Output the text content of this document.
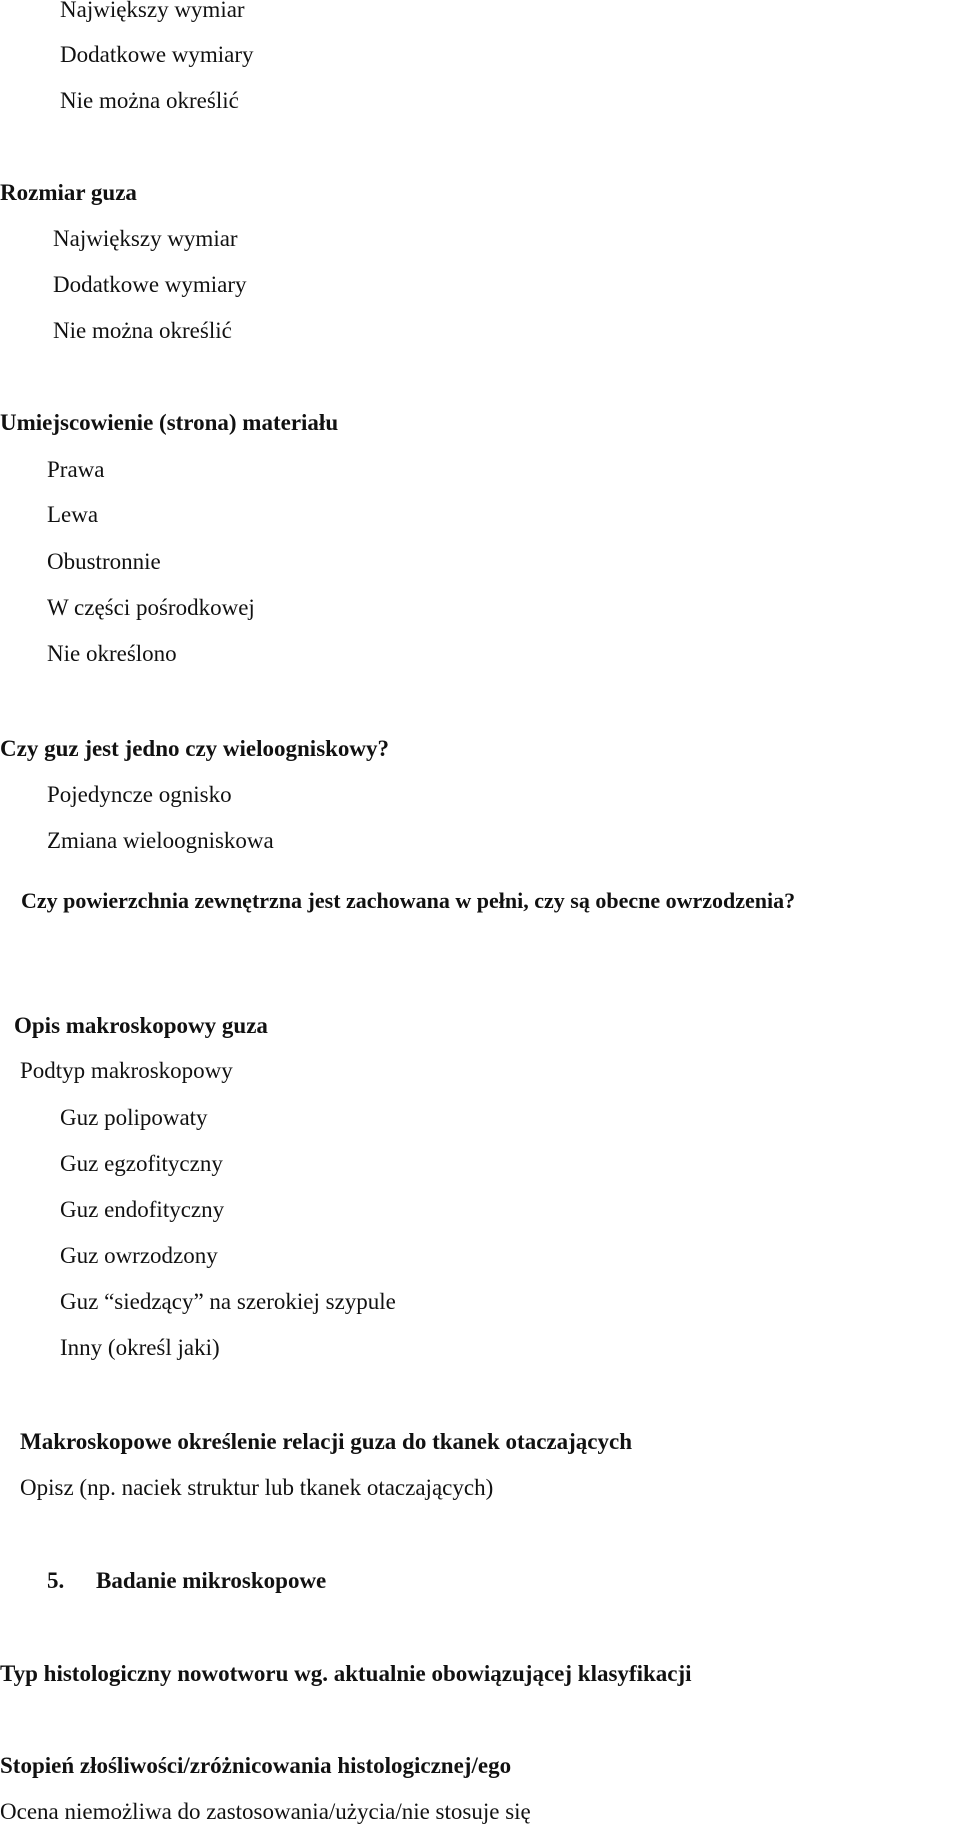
Największy wymiar
Dodatkowe wymiary
Nie można określić
Rozmiar guza
Największy wymiar
Dodatkowe wymiary
Nie można określić
Umiejscowienie (strona) materiału
Prawa
Lewa
Obustronnie
W części pośrodkowej
Nie określono
Czy guz jest jedno czy wieloogniskowy?
Pojedyncze ognisko
Zmiana wieloogniskowa
Czy powierzchnia zewnętrzna jest zachowana w pełni, czy są obecne owrzodzenia?
Opis makroskopowy guza
Podtyp makroskopowy
Guz polipowaty
Guz egzofityczny
Guz endofityczny
Guz owrzodzony
Guz “siedzący” na szerokiej szypule
Inny (określ jaki)
Makroskopowe określenie relacji guza do tkanek otaczających
Opisz (np. naciek struktur lub tkanek otaczających)
5. Badanie mikroskopowe
Typ histologiczny nowotworu wg. aktualnie obowiązującej klasyfikacji
Stopień złośliwości/zróżnicowania histologicznej/ego
Ocena niemożliwa do zastosowania/użycia/nie stosuje się
